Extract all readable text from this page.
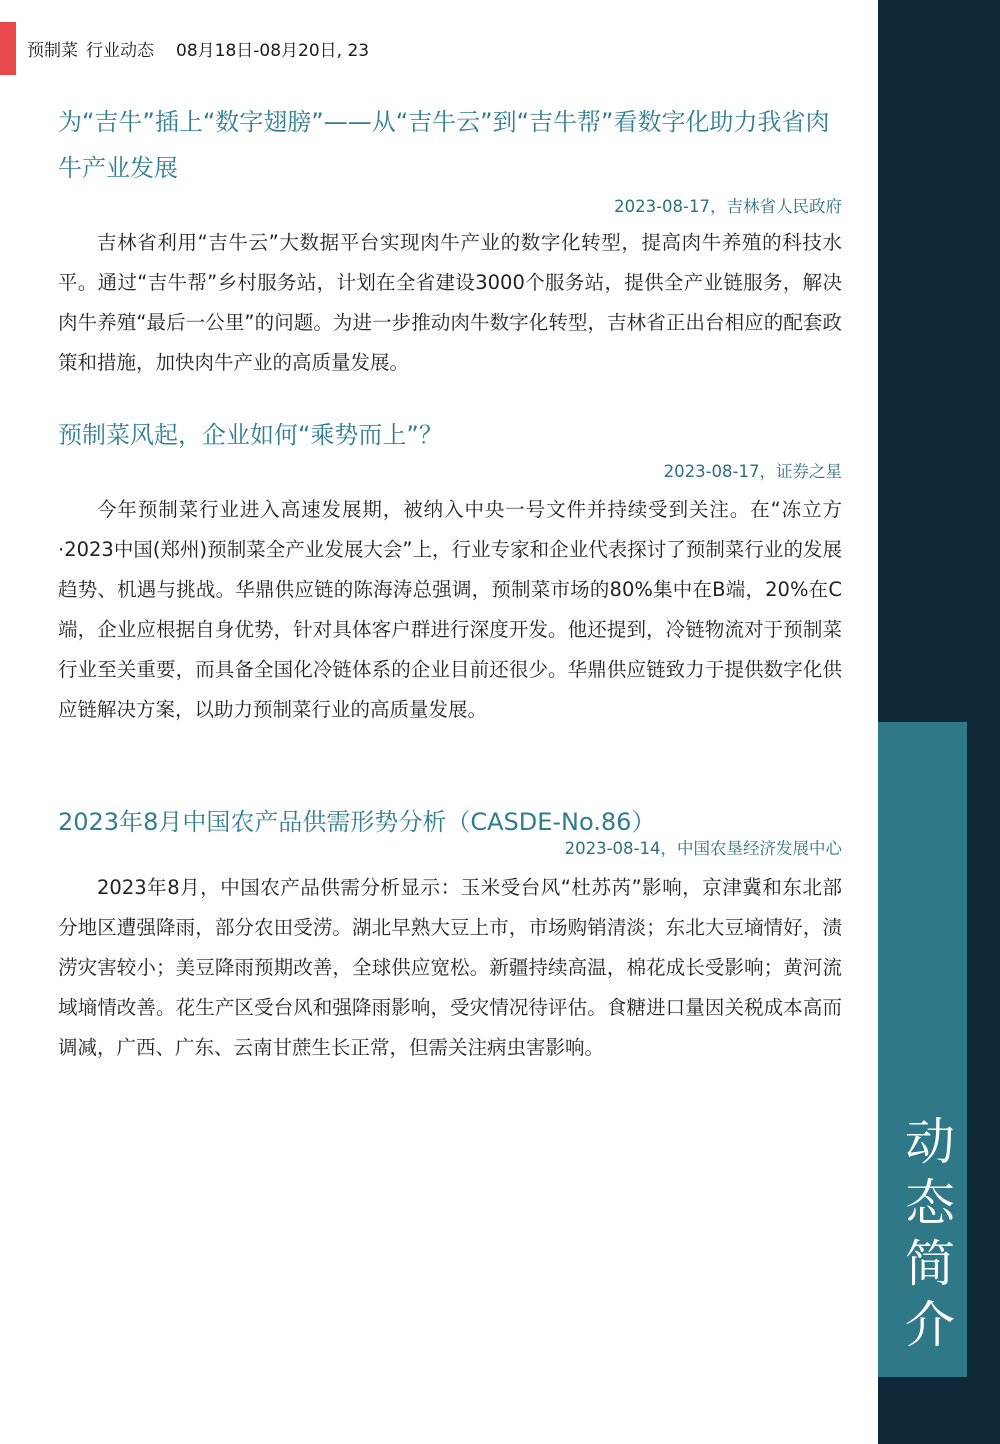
预制菜 行业动态 08月18日-08月20日, 23
动
态
简
介
为“吉牛”插上“数字翅膀”——从“吉牛云”到“吉牛帮”看数字化助力我省肉牛产业发展
2023-08-17，吉林省人民政府

吉林省利用“吉牛云”大数据平台实现肉牛产业的数字化转型，提高肉牛养殖的科技水平。通过“吉牛帮”乡村服务站，计划在全省建设3000个服务站，提供全产业链服务，解决肉牛养殖“最后一公里”的问题。为进一步推动肉牛数字化转型，吉林省正出台相应的配套政策和措施，加快肉牛产业的高质量发展。

预制菜风起，企业如何“乘势而上”？
2023-08-17，证券之星

今年预制菜行业进入高速发展期，被纳入中央一号文件并持续受到关注。在“冻立方·2023中国(郑州)预制菜全产业发展大会”上，行业专家和企业代表探讨了预制菜行业的发展趋势、机遇与挑战。华鼎供应链的陈海涛总强调，预制菜市场的80%集中在B端，20%在C端，企业应根据自身优势，针对具体客户群进行深度开发。他还提到，冷链物流对于预制菜行业至关重要，而具备全国化冷链体系的企业目前还很少。华鼎供应链致力于提供数字化供应链解决方案，以助力预制菜行业的高质量发展。

2023年8月中国农产品供需形势分析（CASDE-No.86）
2023-08-14，中国农垦经济发展中心

2023年8月，中国农产品供需分析显示：玉米受台风“杜苏芮”影响，京津冀和东北部分地区遭强降雨，部分农田受涝。湖北早熟大豆上市，市场购销清淡；东北大豆墒情好，渍涝灾害较小；美豆降雨预期改善，全球供应宽松。新疆持续高温，棉花成长受影响；黄河流域墒情改善。花生产区受台风和强降雨影响，受灾情况待评估。食糖进口量因关税成本高而调减，广西、广东、云南甘蔗生长正常，但需关注病虫害影响。
